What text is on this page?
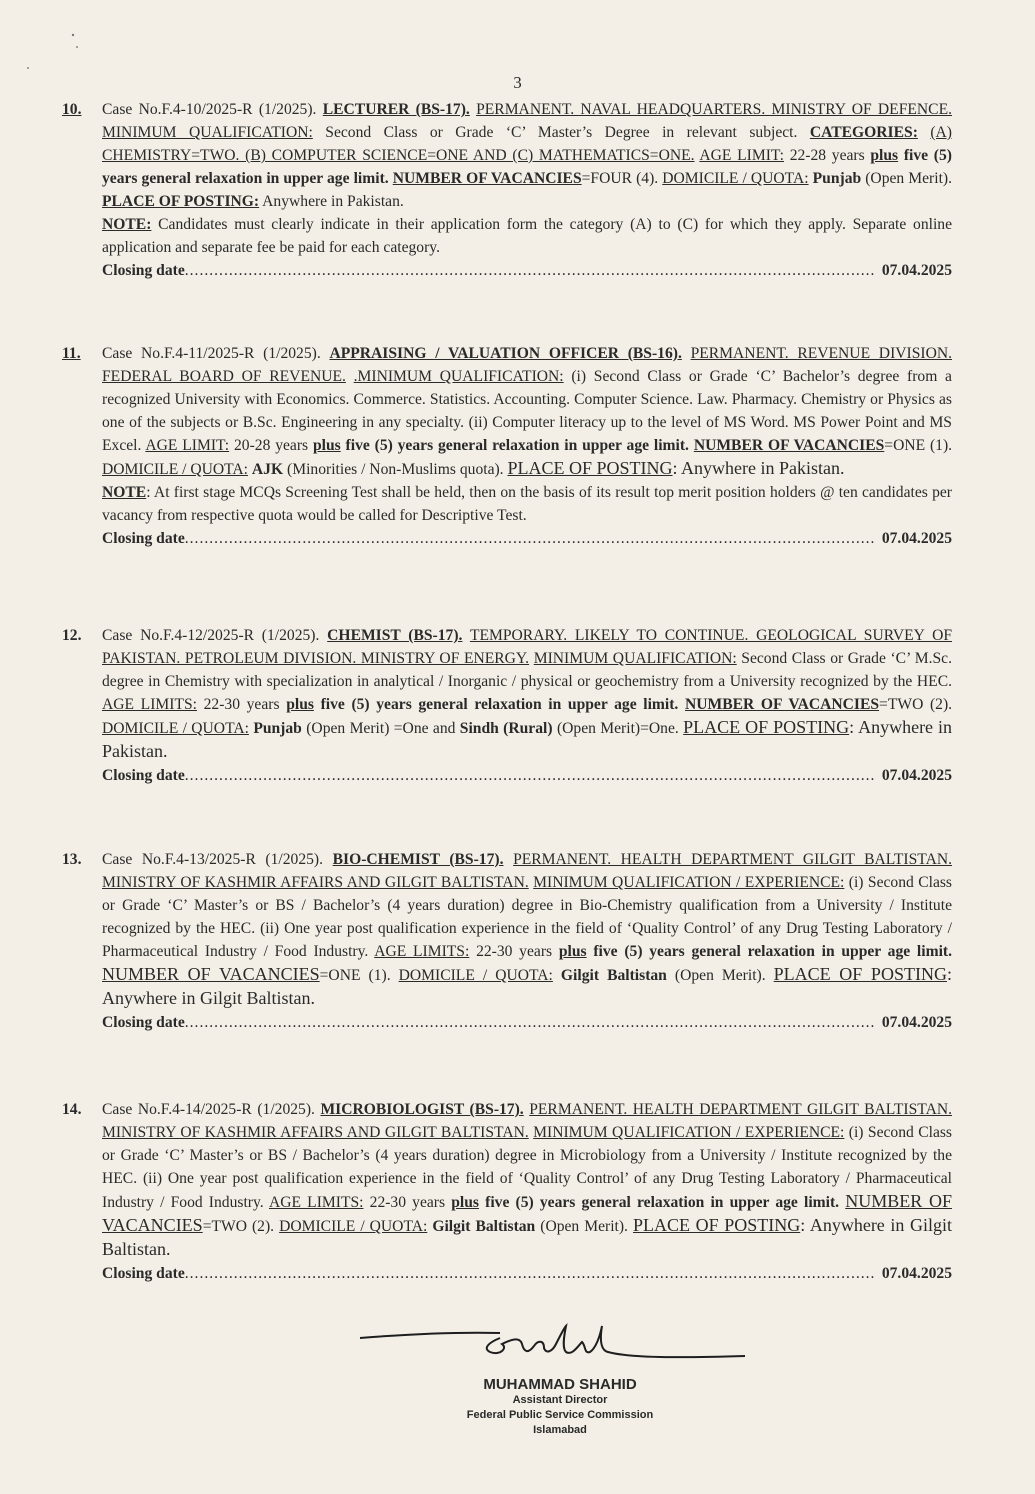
3
10.	Case No.F.4-10/2025-R (1/2025). LECTURER (BS-17). PERMANENT. NAVAL HEADQUARTERS. MINISTRY OF DEFENCE. MINIMUM QUALIFICATION: Second Class or Grade ‘C’ Master’s Degree in relevant subject. CATEGORIES: (A) CHEMISTRY=TWO. (B) COMPUTER SCIENCE=ONE AND (C) MATHEMATICS=ONE. AGE LIMIT: 22-28 years plus five (5) years general relaxation in upper age limit. NUMBER OF VACANCIES=FOUR (4). DOMICILE / QUOTA: Punjab (Open Merit). PLACE OF POSTING: Anywhere in Pakistan.
NOTE: Candidates must clearly indicate in their application form the category (A) to (C) for which they apply. Separate online application and separate fee be paid for each category.
Closing date .....	07.04.2025
11.	Case No.F.4-11/2025-R (1/2025). APPRAISING / VALUATION OFFICER (BS-16). PERMANENT. REVENUE DIVISION. FEDERAL BOARD OF REVENUE. .MINIMUM QUALIFICATION: (i) Second Class or Grade ‘C’ Bachelor’s degree from a recognized University with Economics. Commerce. Statistics. Accounting. Computer Science. Law. Pharmacy. Chemistry or Physics as one of the subjects or B.Sc. Engineering in any specialty. (ii) Computer literacy up to the level of MS Word. MS Power Point and MS Excel. AGE LIMIT: 20-28 years plus five (5) years general relaxation in upper age limit. NUMBER OF VACANCIES=ONE (1). DOMICILE / QUOTA: AJK (Minorities / Non-Muslims quota). PLACE OF POSTING: Anywhere in Pakistan.
NOTE: At first stage MCQs Screening Test shall be held, then on the basis of its result top merit position holders @ ten candidates per vacancy from respective quota would be called for Descriptive Test.
Closing date .....	07.04.2025
12.	Case No.F.4-12/2025-R (1/2025). CHEMIST (BS-17). TEMPORARY. LIKELY TO CONTINUE. GEOLOGICAL SURVEY OF PAKISTAN. PETROLEUM DIVISION. MINISTRY OF ENERGY. MINIMUM QUALIFICATION: Second Class or Grade ‘C’ M.Sc. degree in Chemistry with specialization in analytical / Inorganic / physical or geochemistry from a University recognized by the HEC. AGE LIMITS: 22-30 years plus five (5) years general relaxation in upper age limit. NUMBER OF VACANCIES=TWO (2). DOMICILE / QUOTA: Punjab (Open Merit) =One and Sindh (Rural) (Open Merit)=One. PLACE OF POSTING: Anywhere in Pakistan.
Closing date .....	07.04.2025
13.	Case No.F.4-13/2025-R (1/2025). BIO-CHEMIST (BS-17). PERMANENT. HEALTH DEPARTMENT GILGIT BALTISTAN. MINISTRY OF KASHMIR AFFAIRS AND GILGIT BALTISTAN. MINIMUM QUALIFICATION / EXPERIENCE: (i) Second Class or Grade ‘C’ Master’s or BS / Bachelor’s (4 years duration) degree in Bio-Chemistry qualification from a University / Institute recognized by the HEC. (ii) One year post qualification experience in the field of ‘Quality Control’ of any Drug Testing Laboratory / Pharmaceutical Industry / Food Industry. AGE LIMITS: 22-30 years plus five (5) years general relaxation in upper age limit. NUMBER OF VACANCIES=ONE (1). DOMICILE / QUOTA: Gilgit Baltistan (Open Merit). PLACE OF POSTING: Anywhere in Gilgit Baltistan.
Closing date .....	07.04.2025
14.	Case No.F.4-14/2025-R (1/2025). MICROBIOLOGIST (BS-17). PERMANENT. HEALTH DEPARTMENT GILGIT BALTISTAN. MINISTRY OF KASHMIR AFFAIRS AND GILGIT BALTISTAN. MINIMUM QUALIFICATION / EXPERIENCE: (i) Second Class or Grade ‘C’ Master’s or BS / Bachelor’s (4 years duration) degree in Microbiology from a University / Institute recognized by the HEC. (ii) One year post qualification experience in the field of ‘Quality Control’ of any Drug Testing Laboratory / Pharmaceutical Industry / Food Industry. AGE LIMITS: 22-30 years plus five (5) years general relaxation in upper age limit. NUMBER OF VACANCIES=TWO (2). DOMICILE / QUOTA: Gilgit Baltistan (Open Merit). PLACE OF POSTING: Anywhere in Gilgit Baltistan.
Closing date .....	07.04.2025
MUHAMMAD SHAHID
Assistant Director
Federal Public Service Commission
Islamabad
